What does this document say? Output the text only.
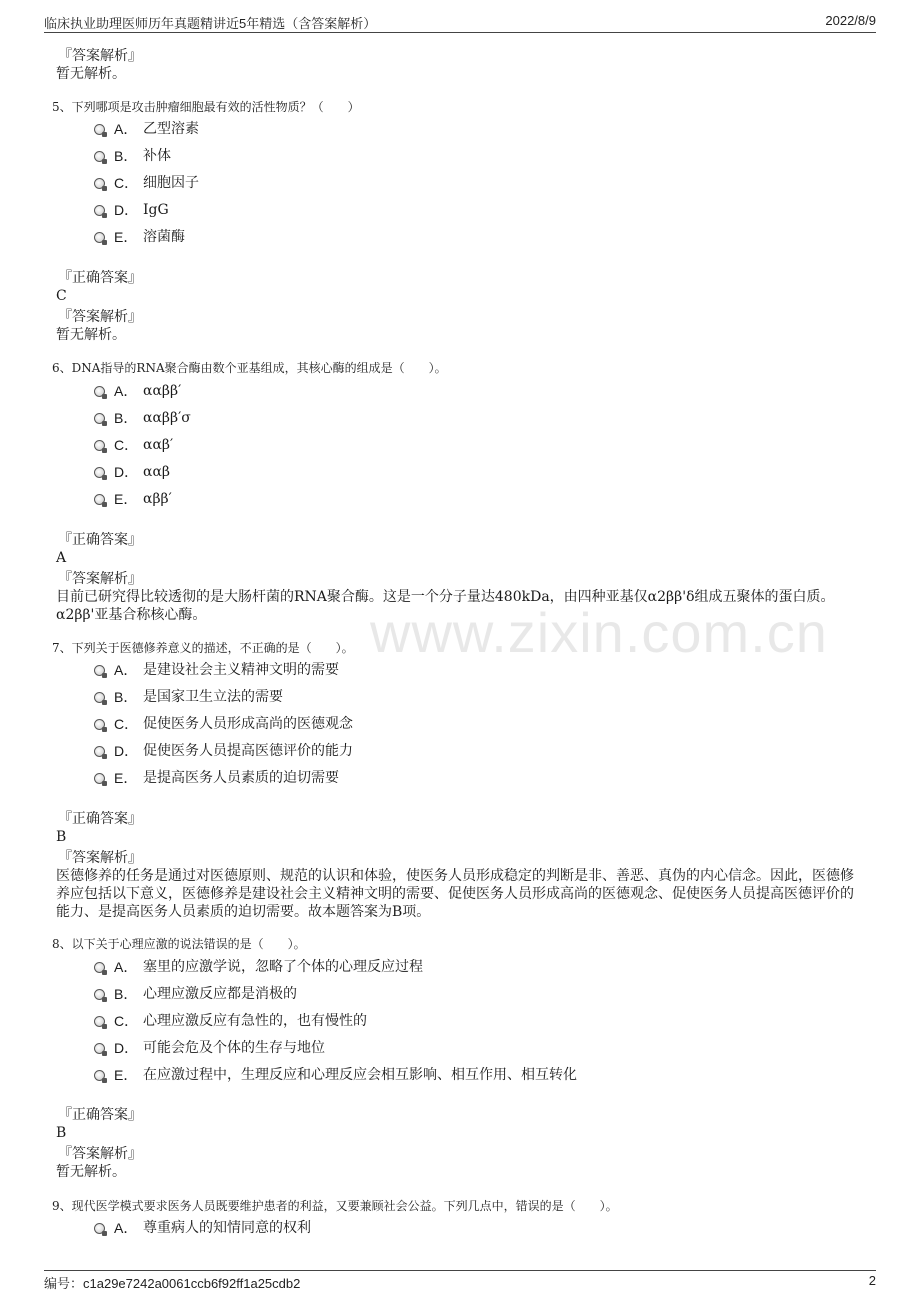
临床执业助理医师历年真题精讲近5年精选（含答案解析）	2022/8/9
www.zixin.com.cn
『答案解析』
暂无解析。
5、下列哪项是攻击肿瘤细胞最有效的活性物质？（　　）
A． 乙型溶素
B． 补体
C． 细胞因子
D． IgG
E． 溶菌酶
『正确答案』
C
『答案解析』
暂无解析。
6、DNA指导的RNA聚合酶由数个亚基组成，其核心酶的组成是（　　）。
A． ααββ′
B． ααββ′σ
C． ααβ′
D． ααβ
E． αββ′
『正确答案』
A
『答案解析』
目前已研究得比较透彻的是大肠杆菌的RNA聚合酶。这是一个分子量达480kDa，由四种亚基仅α2ββ'δ组成五聚体的蛋白质。α2ββ'亚基合称核心酶。
7、下列关于医德修养意义的描述，不正确的是（　　）。
A． 是建设社会主义精神文明的需要
B． 是国家卫生立法的需要
C． 促使医务人员形成高尚的医德观念
D． 促使医务人员提高医德评价的能力
E． 是提高医务人员素质的迫切需要
『正确答案』
B
『答案解析』
医德修养的任务是通过对医德原则、规范的认识和体验，使医务人员形成稳定的判断是非、善恶、真伪的内心信念。因此，医德修养应包括以下意义，医德修养是建设社会主义精神文明的需要、促使医务人员形成高尚的医德观念、促使医务人员提高医德评价的能力、是提高医务人员素质的迫切需要。故本题答案为B项。
8、以下关于心理应激的说法错误的是（　　）。
A． 塞里的应激学说，忽略了个体的心理反应过程
B． 心理应激反应都是消极的
C． 心理应激反应有急性的，也有慢性的
D． 可能会危及个体的生存与地位
E． 在应激过程中，生理反应和心理反应会相互影响、相互作用、相互转化
『正确答案』
B
『答案解析』
暂无解析。
9、现代医学模式要求医务人员既要维护患者的利益，又要兼顾社会公益。下列几点中，错误的是（　　）。
A． 尊重病人的知情同意的权利
编号：c1a29e7242a0061ccb6f92ff1a25cdb2	2
